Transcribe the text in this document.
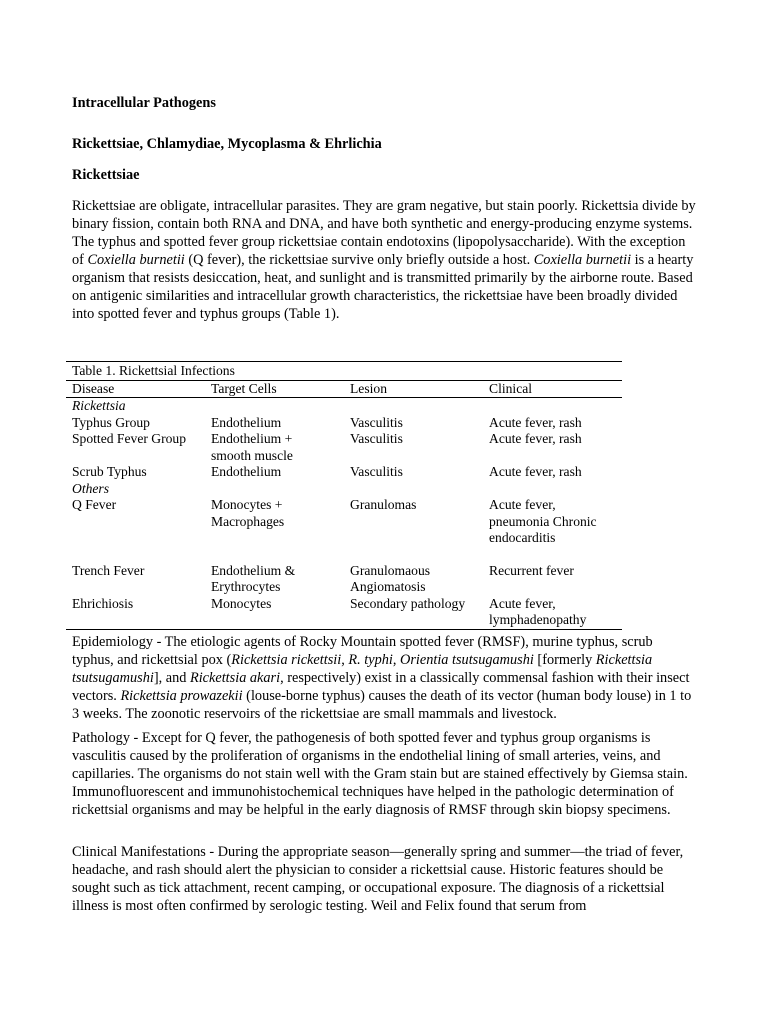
Intracellular Pathogens

Rickettsiae, Chlamydiae, Mycoplasma & Ehrlichia

Rickettsiae

Rickettsiae are obligate, intracellular parasites. They are gram negative, but stain poorly. Rickettsia divide by binary fission, contain both RNA and DNA, and have both synthetic and energy-producing enzyme systems. The typhus and spotted fever group rickettsiae contain endotoxins (lipopolysaccharide). With the exception of Coxiella burnetii (Q fever), the rickettsiae survive only briefly outside a host. Coxiella burnetii is a hearty organism that resists desiccation, heat, and sunlight and is transmitted primarily by the airborne route. Based on antigenic similarities and intracellular growth characteristics, the rickettsiae have been broadly divided into spotted fever and typhus groups (Table 1).

Table 1. Rickettsial Infections			
Disease	Target Cells	Lesion	Clinical
Rickettsia			
Typhus Group	Endothelium	Vasculitis	Acute fever, rash
Spotted Fever Group	Endothelium + smooth muscle	Vasculitis	Acute fever, rash
Scrub Typhus	Endothelium	Vasculitis	Acute fever, rash
Others			
Q Fever	Monocytes + Macrophages	Granulomas	Acute fever, pneumonia Chronic endocarditis
Trench Fever	Endothelium & Erythrocytes	Granulomaous Angiomatosis	Recurrent fever
Ehrichiosis	Monocytes	Secondary pathology	Acute fever, lymphadenopathy

Epidemiology - The etiologic agents of Rocky Mountain spotted fever (RMSF), murine typhus, scrub typhus, and rickettsial pox (Rickettsia rickettsii, R. typhi, Orientia tsutsugamushi [formerly Rickettsia tsutsugamushi], and Rickettsia akari, respectively) exist in a classically commensal fashion with their insect vectors. Rickettsia prowazekii (louse-borne typhus) causes the death of its vector (human body louse) in 1 to 3 weeks. The zoonotic reservoirs of the rickettsiae are small mammals and livestock.

Pathology - Except for Q fever, the pathogenesis of both spotted fever and typhus group organisms is vasculitis caused by the proliferation of organisms in the endothelial lining of small arteries, veins, and capillaries. The organisms do not stain well with the Gram stain but are stained effectively by Giemsa stain. Immunofluorescent and immunohistochemical techniques have helped in the pathologic determination of rickettsial organisms and may be helpful in the early diagnosis of RMSF through skin biopsy specimens.

Clinical Manifestations - During the appropriate season—generally spring and summer—the triad of fever, headache, and rash should alert the physician to consider a rickettsial cause. Historic features should be sought such as tick attachment, recent camping, or occupational exposure. The diagnosis of a rickettsial illness is most often confirmed by serologic testing. Weil and Felix found that serum from
